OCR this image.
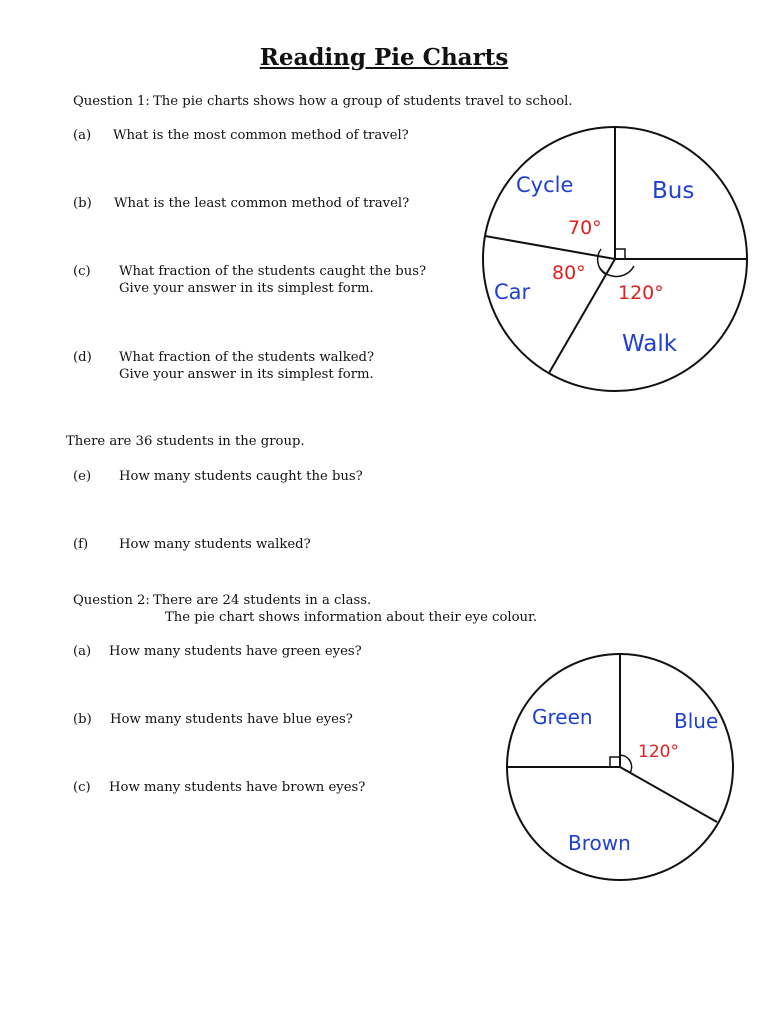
Reading Pie Charts
Question 1: The pie charts shows how a group of students travel to school.
(a) What is the most common method of travel?
(b) What is the least common method of travel?
(c) What fraction of the students caught the bus?
Give your answer in its simplest form.
(d) What fraction of the students walked?
Give your answer in its simplest form.
There are 36 students in the group.
(e) How many students caught the bus?
(f) How many students walked?
Question 2: There are 24 students in a class.
The pie chart shows information about their eye colour.
(a) How many students have green eyes?
(b) How many students have blue eyes?
(c) How many students have brown eyes?
Cycle	Bus
Car
Walk
70°
80°
120°
Green	Blue
Brown
120°
